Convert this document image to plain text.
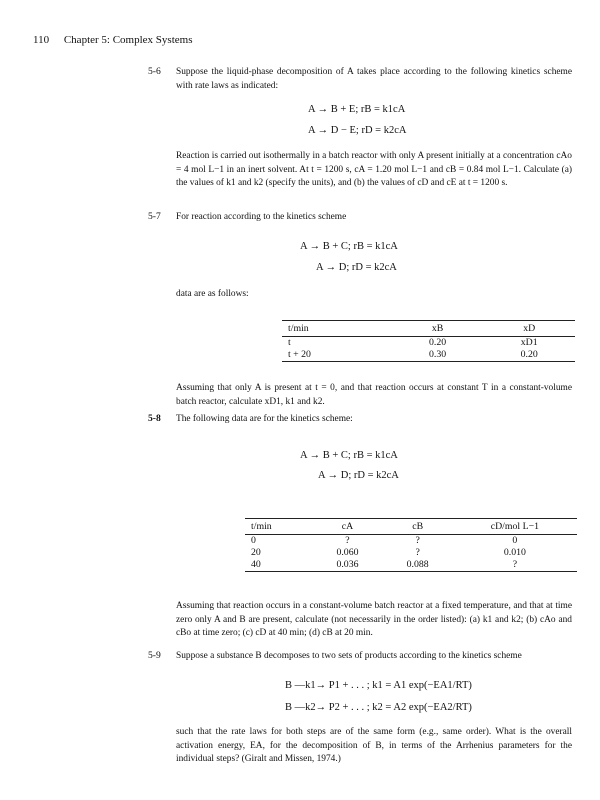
110 Chapter 5: Complex Systems
5-6 Suppose the liquid-phase decomposition of A takes place according to the following kinetics scheme with rate laws as indicated:
A → B + E; rB = k1cA
A → D − E; rD = k2cA
Reaction is carried out isothermally in a batch reactor with only A present initially at a concentration cAo = 4 mol L−1 in an inert solvent. At t = 1200 s, cA = 1.20 mol L−1 and cB = 0.84 mol L−1. Calculate (a) the values of k1 and k2 (specify the units), and (b) the values of cD and cE at t = 1200 s.
5-7 For reaction according to the kinetics scheme
A → B + C; rB = k1cA
A → D; rD = k2cA
data are as follows:
t/min	xB	xD
t	0.20	xD1
t + 20	0.30	0.20
Assuming that only A is present at t = 0, and that reaction occurs at constant T in a constant-volume batch reactor, calculate xD1, k1 and k2.
5-8 The following data are for the kinetics scheme:
A → B + C; rB = k1cA
A → D; rD = k2cA
t/min	cA	cB	cD/mol L−1
0	?	?	0
20	0.060	?	0.010
40	0.036	0.088	?
Assuming that reaction occurs in a constant-volume batch reactor at a fixed temperature, and that at time zero only A and B are present, calculate (not necessarily in the order listed): (a) k1 and k2; (b) cAo and cBo at time zero; (c) cD at 40 min; (d) cB at 20 min.
5-9 Suppose a substance B decomposes to two sets of products according to the kinetics scheme
B —k1→ P1 + . . . ; k1 = A1 exp(−EA1/RT)
B —k2→ P2 + . . . ; k2 = A2 exp(−EA2/RT)
such that the rate laws for both steps are of the same form (e.g., same order). What is the overall activation energy, EA, for the decomposition of B, in terms of the Arrhenius parameters for the individual steps? (Giralt and Missen, 1974.)
